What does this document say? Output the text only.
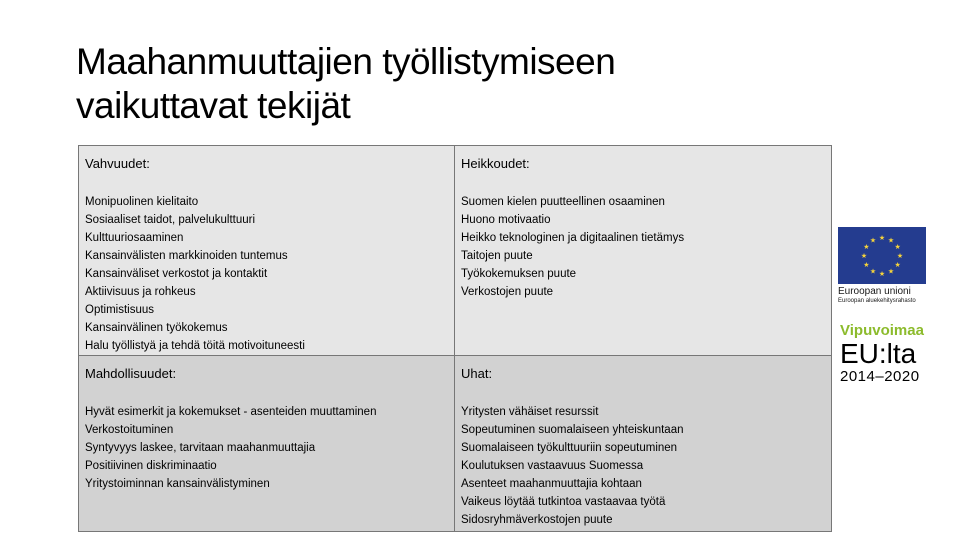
Maahanmuuttajien työllistymiseen
vaikuttavat tekijät
Vahvuudet:
Monipuolinen kielitaito
Sosiaaliset taidot, palvelukulttuuri
Kulttuuriosaaminen
Kansainvälisten markkinoiden tuntemus
Kansainväliset verkostot ja kontaktit
Aktiivisuus ja rohkeus
Optimistisuus
Kansainvälinen työkokemus
Halu työllistyä ja tehdä töitä motivoituneesti
Heikkoudet:
Suomen kielen puutteellinen osaaminen
Huono motivaatio
Heikko teknologinen ja digitaalinen tietämys
Taitojen puute
Työkokemuksen puute
Verkostojen puute
Mahdollisuudet:
Hyvät esimerkit ja kokemukset - asenteiden muuttaminen
Verkostoituminen
Syntyvyys laskee, tarvitaan maahanmuuttajia
Positiivinen diskriminaatio
Yritystoiminnan kansainvälistyminen
Uhat:
Yritysten vähäiset resurssit
Sopeutuminen suomalaiseen yhteiskuntaan
Suomalaiseen työkulttuuriin sopeutuminen
Koulutuksen vastaavuus Suomessa
Asenteet maahanmuuttajia kohtaan
Vaikeus löytää tutkintoa vastaavaa työtä
Sidosryhmäverkostojen puute
★ ★
★
★
★
★
★
★
★
★
★
★
Euroopan unioni
Euroopan aluekehitysrahasto
Vipuvoimaa
EU:lta
2014–2020
